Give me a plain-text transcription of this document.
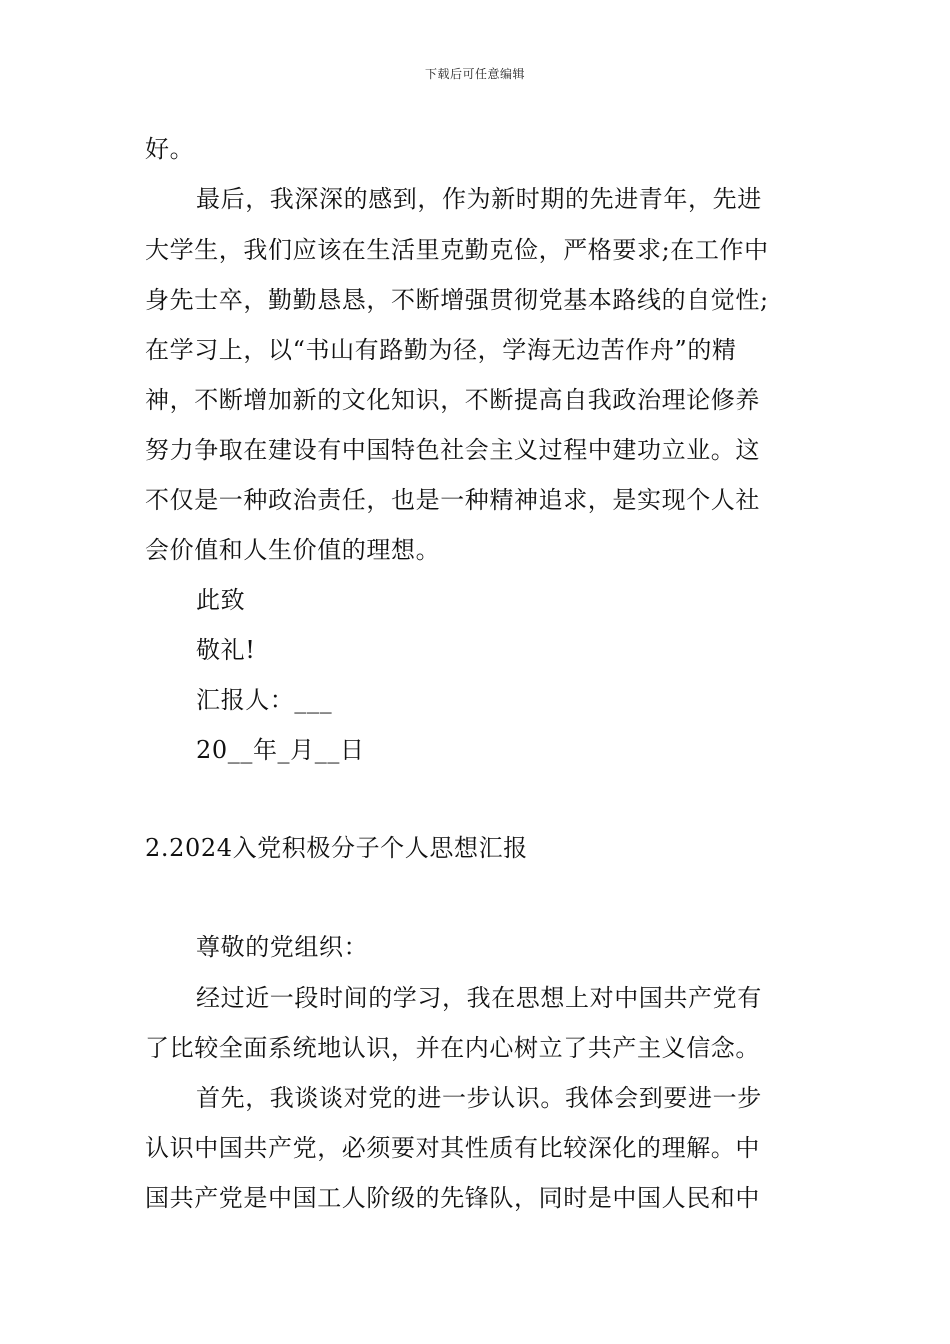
下载后可任意编辑
好。
最后，我深深的感到，作为新时期的先进青年，先进
大学生，我们应该在生活里克勤克俭，严格要求;在工作中
身先士卒，勤勤恳恳，不断增强贯彻党基本路线的自觉性;
在学习上，以“书山有路勤为径，学海无边苦作舟”的精
神，不断增加新的文化知识，不断提高自我政治理论修养
努力争取在建设有中国特色社会主义过程中建功立业。这
不仅是一种政治责任，也是一种精神追求，是实现个人社
会价值和人生价值的理想。
此致
敬礼!
汇报人：___
20__年_月__日
2.2024入党积极分子个人思想汇报
尊敬的党组织：
经过近一段时间的学习，我在思想上对中国共产党有
了比较全面系统地认识，并在内心树立了共产主义信念。
首先，我谈谈对党的进一步认识。我体会到要进一步
认识中国共产党，必须要对其性质有比较深化的理解。中
国共产党是中国工人阶级的先锋队，同时是中国人民和中
